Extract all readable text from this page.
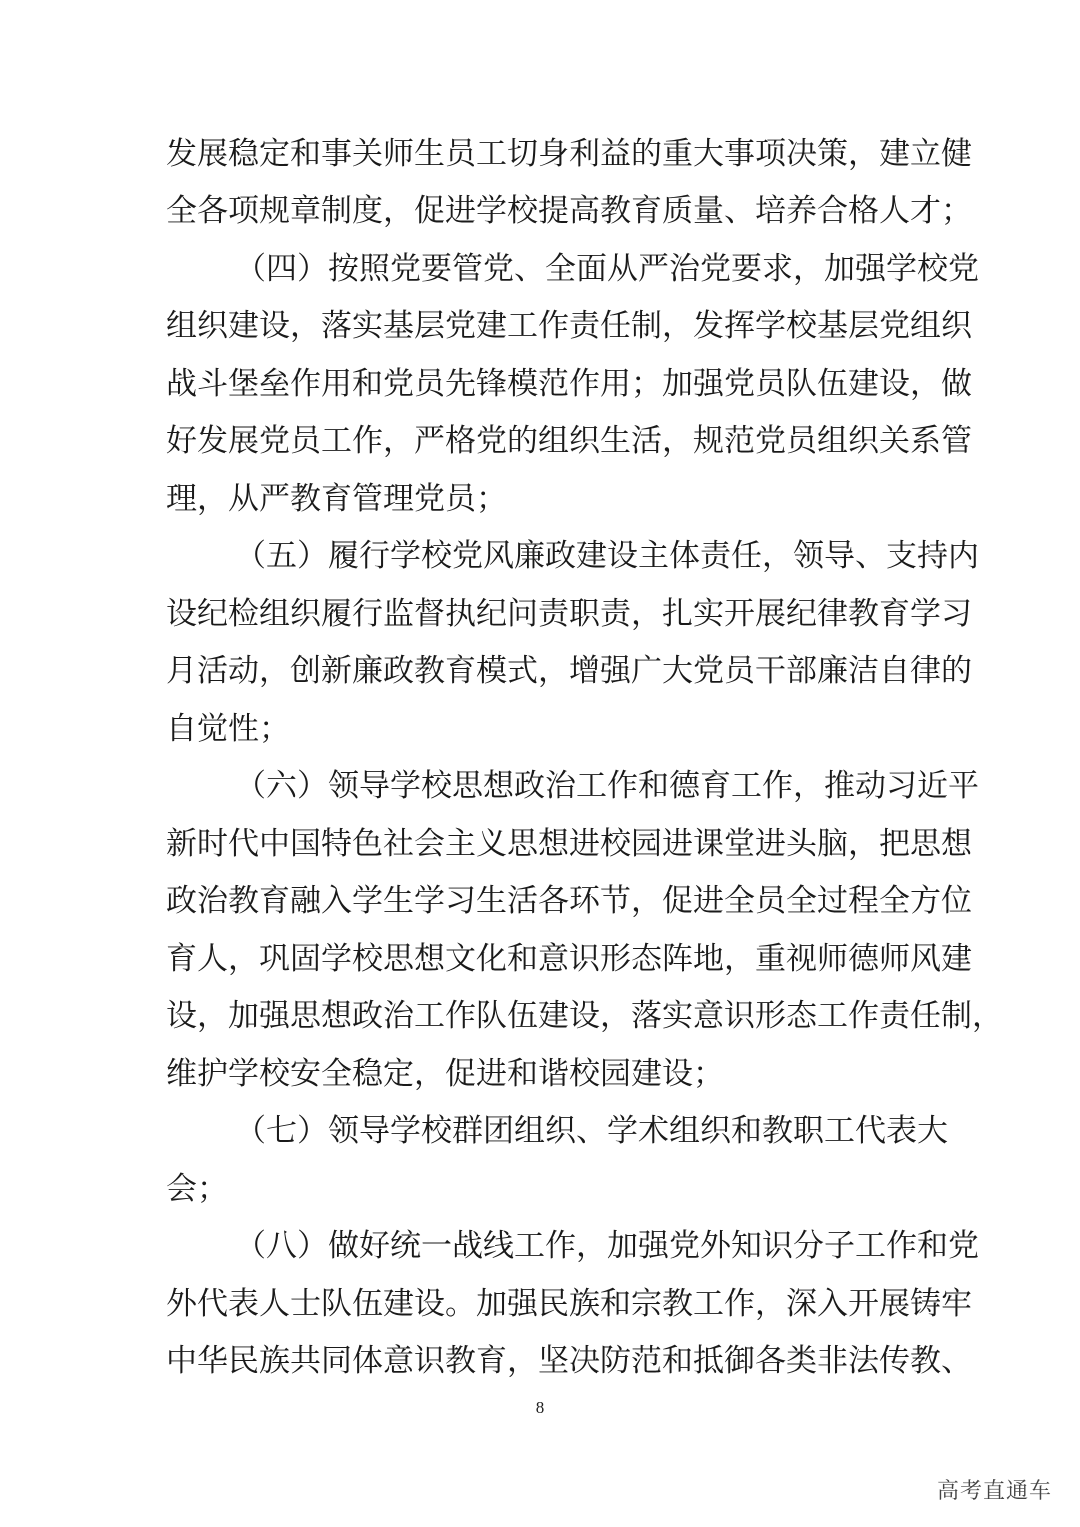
发展稳定和事关师生员工切身利益的重大事项决策，建立健
全各项规章制度，促进学校提高教育质量、培养合格人才；
（四）按照党要管党、全面从严治党要求，加强学校党
组织建设，落实基层党建工作责任制，发挥学校基层党组织
战斗堡垒作用和党员先锋模范作用；加强党员队伍建设，做
好发展党员工作，严格党的组织生活，规范党员组织关系管
理，从严教育管理党员；
（五）履行学校党风廉政建设主体责任，领导、支持内
设纪检组织履行监督执纪问责职责，扎实开展纪律教育学习
月活动，创新廉政教育模式，增强广大党员干部廉洁自律的
自觉性；
（六）领导学校思想政治工作和德育工作，推动习近平
新时代中国特色社会主义思想进校园进课堂进头脑，把思想
政治教育融入学生学习生活各环节，促进全员全过程全方位
育人，巩固学校思想文化和意识形态阵地，重视师德师风建
设，加强思想政治工作队伍建设，落实意识形态工作责任制，
维护学校安全稳定，促进和谐校园建设；
（七）领导学校群团组织、学术组织和教职工代表大
会；
（八）做好统一战线工作，加强党外知识分子工作和党
外代表人士队伍建设。加强民族和宗教工作，深入开展铸牢
中华民族共同体意识教育，坚决防范和抵御各类非法传教、
8
高考直通车
